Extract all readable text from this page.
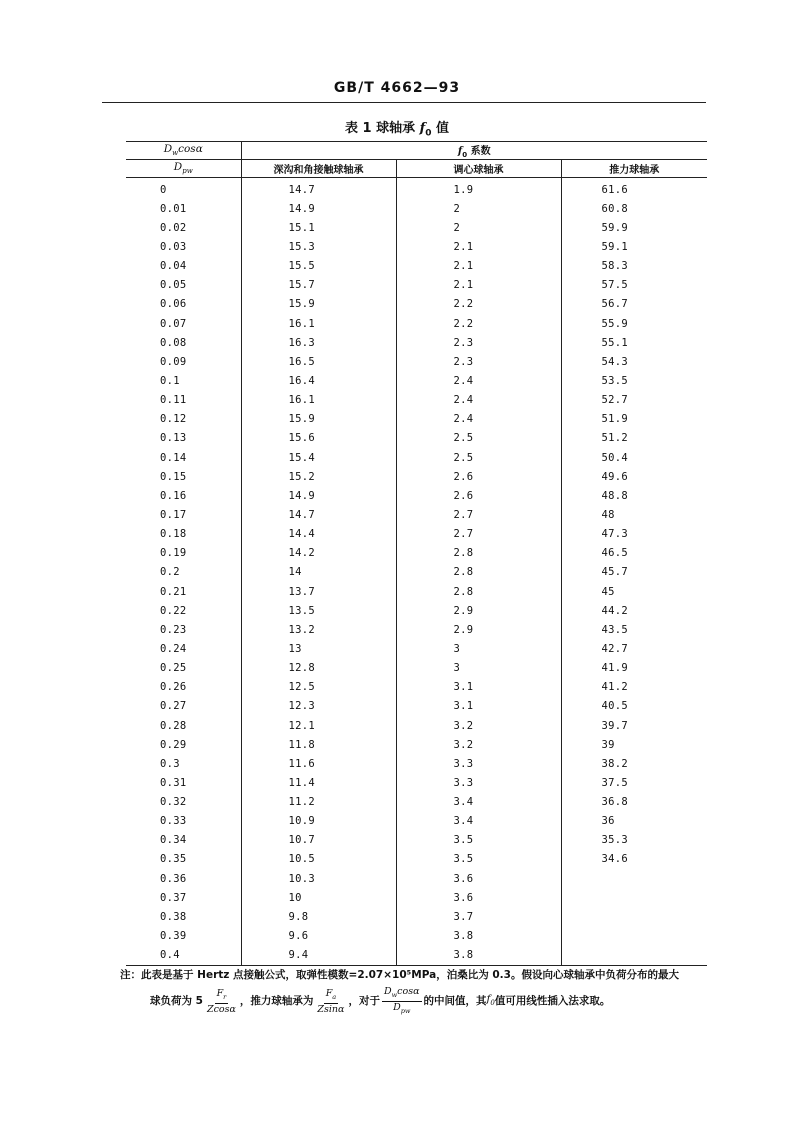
GB/T 4662—93
表 1 球轴承 $f_0$ 值
$D_w\cos\alpha$	$f_0$ 系数		
$D_{pw}$	深沟和角接触球轴承	调心球轴承	推力球轴承
0	14.7	1.9	61.6
0.01	14.9	2	60.8
0.02	15.1	2	59.9
0.03	15.3	2.1	59.1
0.04	15.5	2.1	58.3
0.05	15.7	2.1	57.5
0.06	15.9	2.2	56.7
0.07	16.1	2.2	55.9
0.08	16.3	2.3	55.1
0.09	16.5	2.3	54.3
0.1	16.4	2.4	53.5
0.11	16.1	2.4	52.7
0.12	15.9	2.4	51.9
0.13	15.6	2.5	51.2
0.14	15.4	2.5	50.4
0.15	15.2	2.6	49.6
0.16	14.9	2.6	48.8
0.17	14.7	2.7	48
0.18	14.4	2.7	47.3
0.19	14.2	2.8	46.5
0.2	14	2.8	45.7
0.21	13.7	2.8	45
0.22	13.5	2.9	44.2
0.23	13.2	2.9	43.5
0.24	13	3	42.7
0.25	12.8	3	41.9
0.26	12.5	3.1	41.2
0.27	12.3	3.1	40.5
0.28	12.1	3.2	39.7
0.29	11.8	3.2	39
0.3	11.6	3.3	38.2
0.31	11.4	3.3	37.5
0.32	11.2	3.4	36.8
0.33	10.9	3.4	36
0.34	10.7	3.5	35.3
0.35	10.5	3.5	34.6
0.36	10.3	3.6	
0.37	10	3.6	
0.38	9.8	3.7	
0.39	9.6	3.8	
0.4	9.4	3.8	
注：此表是基于 Hertz 点接触公式，取弹性模数=2.07×10⁵MPa，泊桑比为 0.3。假设向心球轴承中负荷分布的最大
球负荷为 $5 \frac{F_r}{Zcos\alpha}$ ，推力球轴承为 $\frac{F_a}{Zsin\alpha}$ ，对于 $\frac{D_w\cos\alpha}{D_{pw}}$ 的中间值，其 $f_0$ 值可用线性插入法求取。
